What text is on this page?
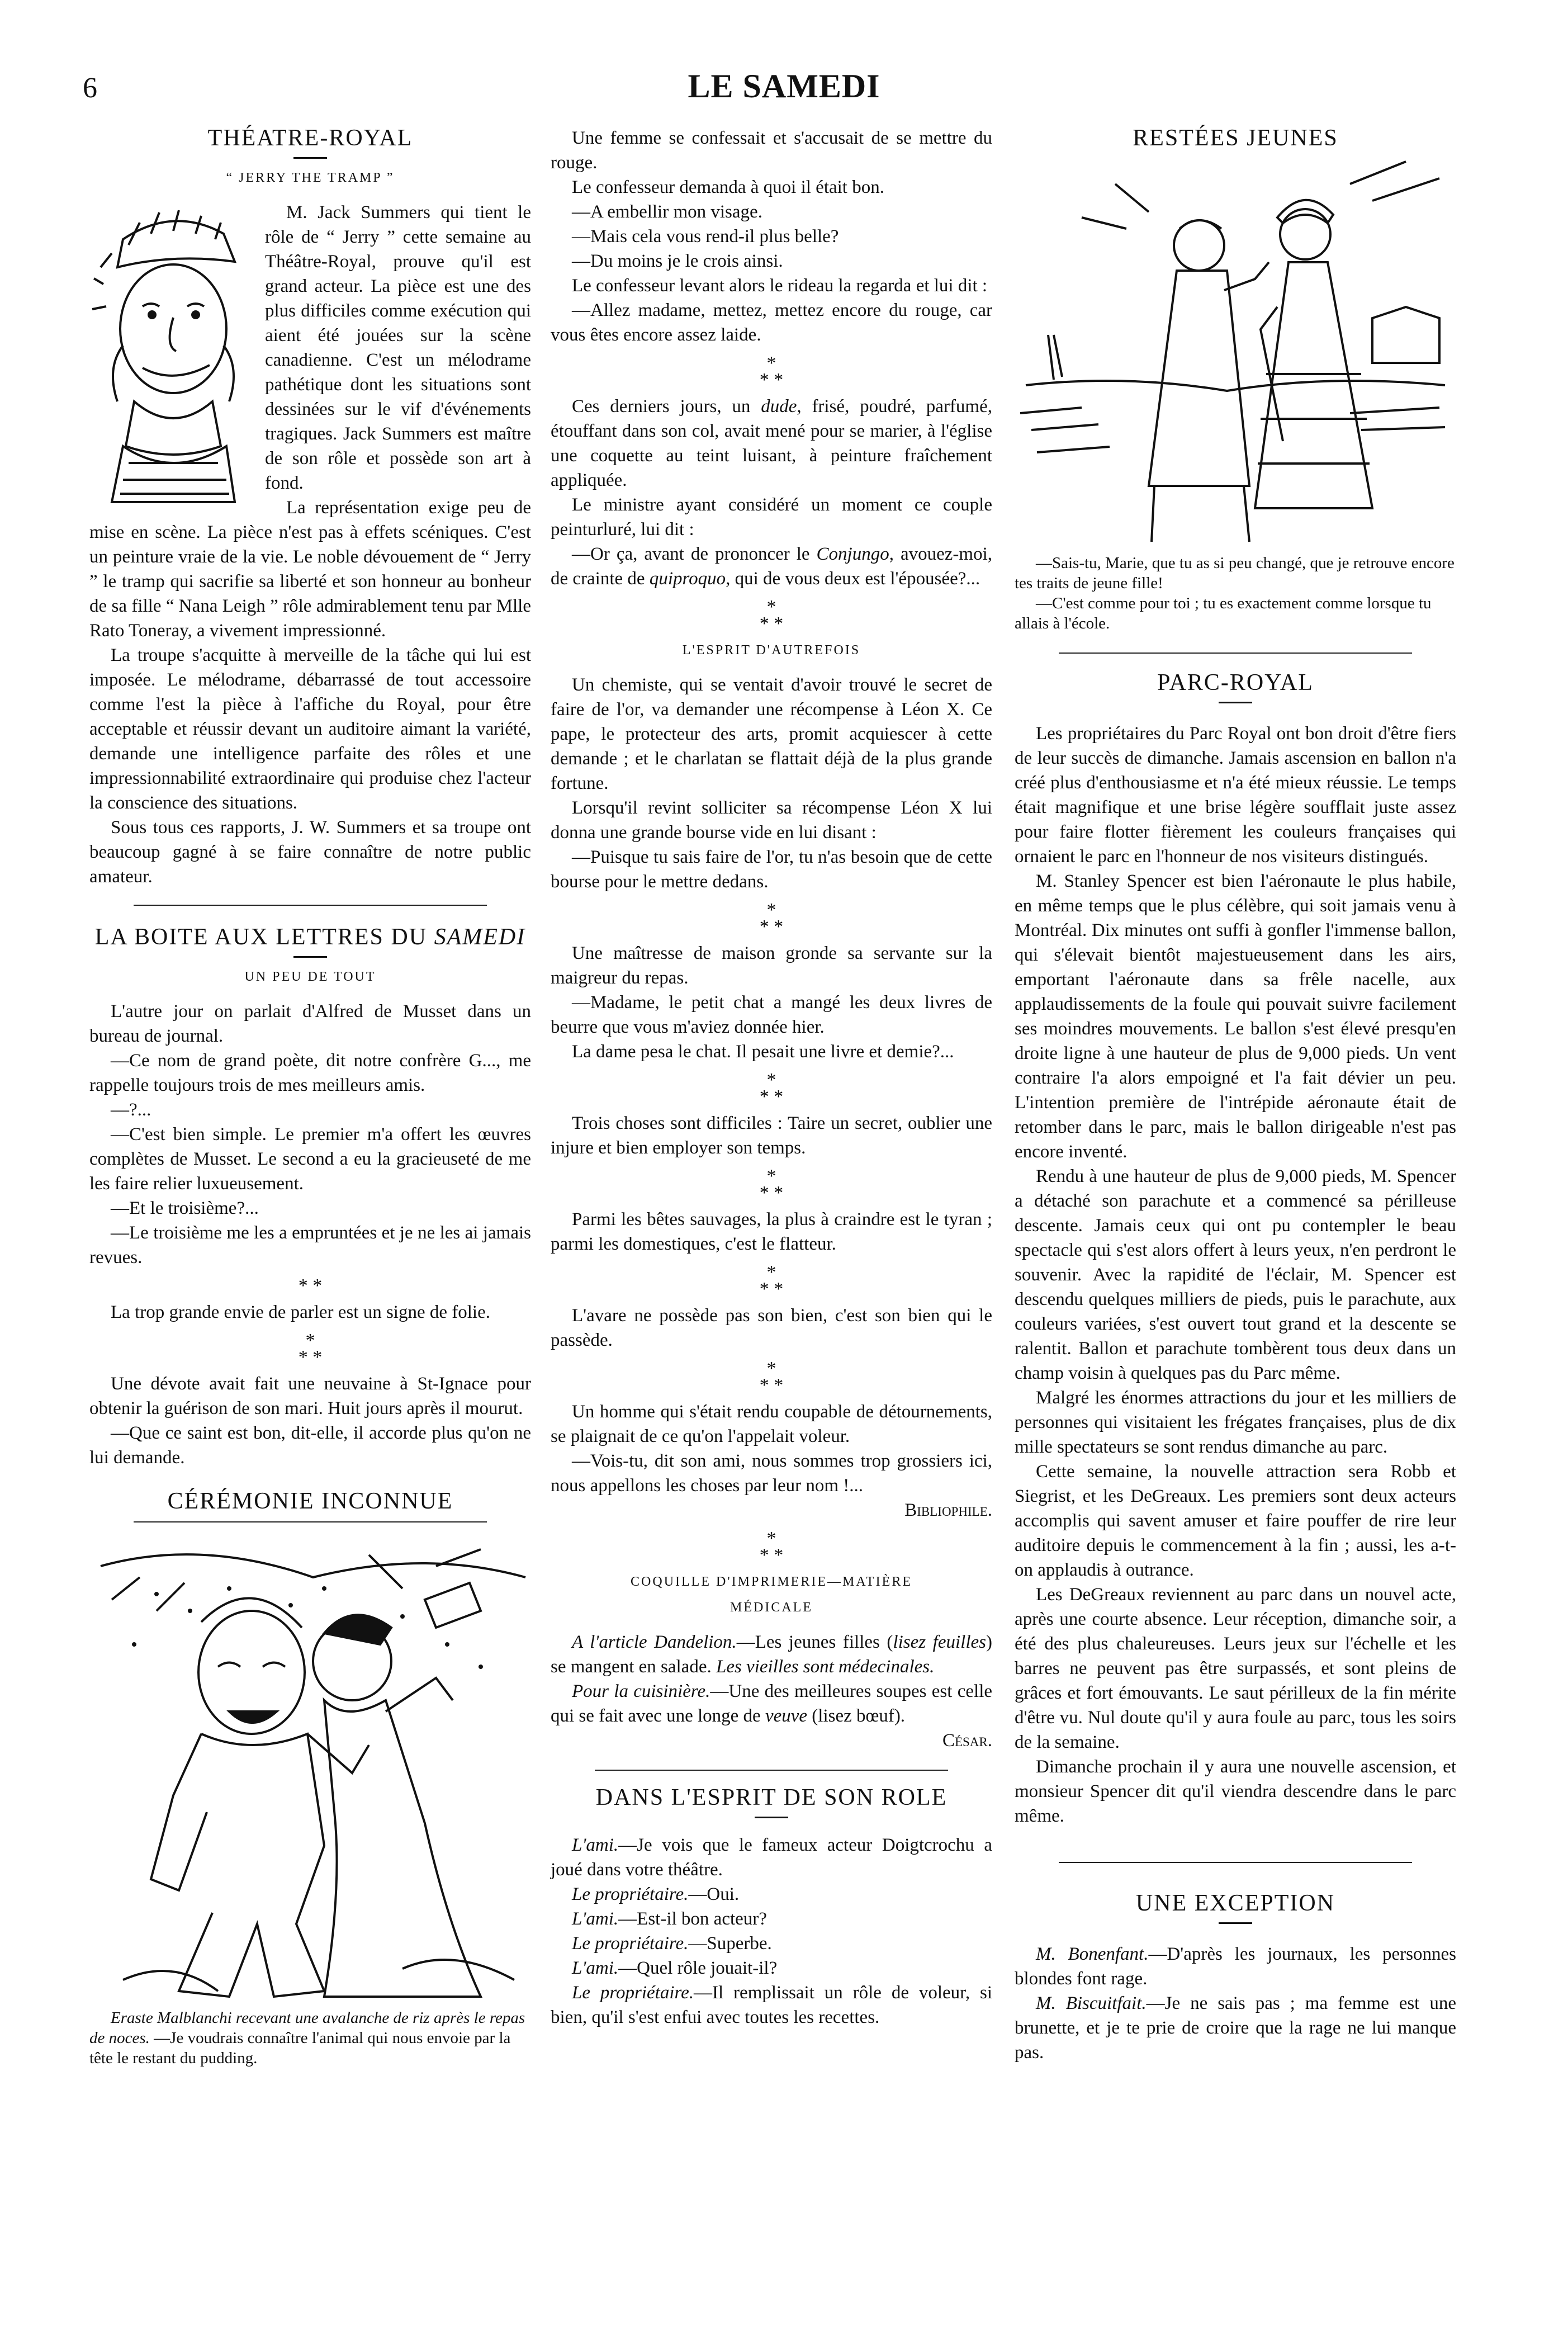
6	LE SAMEDI
THÉATRE-ROYAL
“ JERRY THE TRAMP ”

M. Jack Summers qui tient le rôle de “ Jerry ” cette semaine au Théâtre-Royal, prouve qu'il est grand acteur. La pièce est une des plus difficiles comme exécution qui aient été jouées sur la scène canadienne. C'est un mélodrame pathétique dont les situations sont dessinées sur le vif d'événements tragiques. Jack Summers est maître de son rôle et possède son art à fond.

La représentation exige peu de mise en scène. La pièce n'est pas à effets scéniques. C'est un peinture vraie de la vie. Le noble dévouement de “ Jerry ” le tramp qui sacrifie sa liberté et son honneur au bonheur de sa fille “ Nana Leigh ” rôle admirablement tenu par Mlle Rato Toneray, a vivement impressionné.

La troupe s'acquitte à merveille de la tâche qui lui est imposée. Le mélodrame, débarrassé de tout accessoire comme l'est la pièce à l'affiche du Royal, pour être acceptable et réussir devant un auditoire aimant la variété, demande une intelligence parfaite des rôles et une impressionnabilité extraordinaire qui produise chez l'acteur la conscience des situations.

Sous tous ces rapports, J. W. Summers et sa troupe ont beaucoup gagné à se faire connaître de notre public amateur.

LA BOITE AUX LETTRES DU SAMEDI
UN PEU DE TOUT

L'autre jour on parlait d'Alfred de Musset dans un bureau de journal.

—Ce nom de grand poète, dit notre confrère G..., me rappelle toujours trois de mes meilleurs amis.

—?...

—C'est bien simple. Le premier m'a offert les œuvres complètes de Musset. Le second a eu la gracieuseté de me les faire relier luxueusement.

—Et le troisième?...

—Le troisième me les a empruntées et je ne les ai jamais revues.

* *

La trop grande envie de parler est un signe de folie.

*
* *

Une dévote avait fait une neuvaine à St-Ignace pour obtenir la guérison de son mari. Huit jours après il mourut.

—Que ce saint est bon, dit-elle, il accorde plus qu'on ne lui demande.

CÉRÉMONIE INCONNUE

Eraste Malblanchi recevant une avalanche de riz après le repas de noces. —Je voudrais connaître l'animal qui nous envoie par la tête le restant du pudding.

Une femme se confessait et s'accusait de se mettre du rouge.

Le confesseur demanda à quoi il était bon.

—A embellir mon visage.

—Mais cela vous rend-il plus belle?

—Du moins je le crois ainsi.

Le confesseur levant alors le rideau la regarda et lui dit :

—Allez madame, mettez, mettez encore du rouge, car vous êtes encore assez laide.

*
* *

Ces derniers jours, un dude, frisé, poudré, parfumé, étouffant dans son col, avait mené pour se marier, à l'église une coquette au teint luisant, à peinture fraîchement appliquée.

Le ministre ayant considéré un moment ce couple peinturluré, lui dit :

—Or ça, avant de prononcer le Conjungo, avouez-moi, de crainte de quiproquo, qui de vous deux est l'épousée?...

*
* *
L'ESPRIT D'AUTREFOIS

Un chemiste, qui se ventait d'avoir trouvé le secret de faire de l'or, va demander une récompense à Léon X. Ce pape, le protecteur des arts, promit acquiescer à cette demande ; et le charlatan se flattait déjà de la plus grande fortune.

Lorsqu'il revint solliciter sa récompense Léon X lui donna une grande bourse vide en lui disant :

—Puisque tu sais faire de l'or, tu n'as besoin que de cette bourse pour le mettre dedans.

*
* *

Une maîtresse de maison gronde sa servante sur la maigreur du repas.

—Madame, le petit chat a mangé les deux livres de beurre que vous m'aviez donnée hier.

La dame pesa le chat. Il pesait une livre et demie?...

*
* *

Trois choses sont difficiles : Taire un secret, oublier une injure et bien employer son temps.

*
* *

Parmi les bêtes sauvages, la plus à craindre est le tyran ; parmi les domestiques, c'est le flatteur.

*
* *

L'avare ne possède pas son bien, c'est son bien qui le passède.

*
* *

Un homme qui s'était rendu coupable de détournements, se plaignait de ce qu'on l'appelait voleur.

—Vois-tu, dit son ami, nous sommes trop grossiers ici, nous appellons les choses par leur nom !...

Bibliophile.

*
* *
COQUILLE D'IMPRIMERIE—MATIÈRE
MÉDICALE

A l'article Dandelion.—Les jeunes filles (lisez feuilles) se mangent en salade. Les vieilles sont médecinales.

Pour la cuisinière.—Une des meilleures soupes est celle qui se fait avec une longe de veuve (lisez bœuf).

César.

DANS L'ESPRIT DE SON ROLE

L'ami.—Je vois que le fameux acteur Doigtcrochu a joué dans votre théâtre.

Le propriétaire.—Oui.

L'ami.—Est-il bon acteur?

Le propriétaire.—Superbe.

L'ami.—Quel rôle jouait-il?

Le propriétaire.—Il remplissait un rôle de voleur, si bien, qu'il s'est enfui avec toutes les recettes.

RESTÉES JEUNES

—Sais-tu, Marie, que tu as si peu changé, que je retrouve encore tes traits de jeune fille!

—C'est comme pour toi ; tu es exactement comme lorsque tu allais à l'école.

PARC-ROYAL

Les propriétaires du Parc Royal ont bon droit d'être fiers de leur succès de dimanche. Jamais ascension en ballon n'a créé plus d'enthousiasme et n'a été mieux réussie. Le temps était magnifique et une brise légère soufflait juste assez pour faire flotter fièrement les couleurs françaises qui ornaient le parc en l'honneur de nos visiteurs distingués.

M. Stanley Spencer est bien l'aéronaute le plus habile, en même temps que le plus célèbre, qui soit jamais venu à Montréal. Dix minutes ont suffi à gonfler l'immense ballon, qui s'élevait bientôt majestueusement dans les airs, emportant l'aéronaute dans sa frêle nacelle, aux applaudissements de la foule qui pouvait suivre facilement ses moindres mouvements. Le ballon s'est élevé presqu'en droite ligne à une hauteur de plus de 9,000 pieds. Un vent contraire l'a alors empoigné et l'a fait dévier un peu. L'intention première de l'intrépide aéronaute était de retomber dans le parc, mais le ballon dirigeable n'est pas encore inventé.

Rendu à une hauteur de plus de 9,000 pieds, M. Spencer a détaché son parachute et a commencé sa périlleuse descente. Jamais ceux qui ont pu contempler le beau spectacle qui s'est alors offert à leurs yeux, n'en perdront le souvenir. Avec la rapidité de l'éclair, M. Spencer est descendu quelques milliers de pieds, puis le parachute, aux couleurs variées, s'est ouvert tout grand et la descente se ralentit. Ballon et parachute tombèrent tous deux dans un champ voisin à quelques pas du Parc même.

Malgré les énormes attractions du jour et les milliers de personnes qui visitaient les frégates françaises, plus de dix mille spectateurs se sont rendus dimanche au parc.

Cette semaine, la nouvelle attraction sera Robb et Siegrist, et les DeGreaux. Les premiers sont deux acteurs accomplis qui savent amuser et faire pouffer de rire leur auditoire depuis le commencement à la fin ; aussi, les a-t-on applaudis à outrance.

Les DeGreaux reviennent au parc dans un nouvel acte, après une courte absence. Leur réception, dimanche soir, a été des plus chaleureuses. Leurs jeux sur l'échelle et les barres ne peuvent pas être surpassés, et sont pleins de grâces et fort émouvants. Le saut périlleux de la fin mérite d'être vu. Nul doute qu'il y aura foule au parc, tous les soirs de la semaine.

Dimanche prochain il y aura une nouvelle ascension, et monsieur Spencer dit qu'il viendra descendre dans le parc même.

UNE EXCEPTION

M. Bonenfant.—D'après les journaux, les personnes blondes font rage.

M. Biscuitfait.—Je ne sais pas ; ma femme est une brunette, et je te prie de croire que la rage ne lui manque pas.
